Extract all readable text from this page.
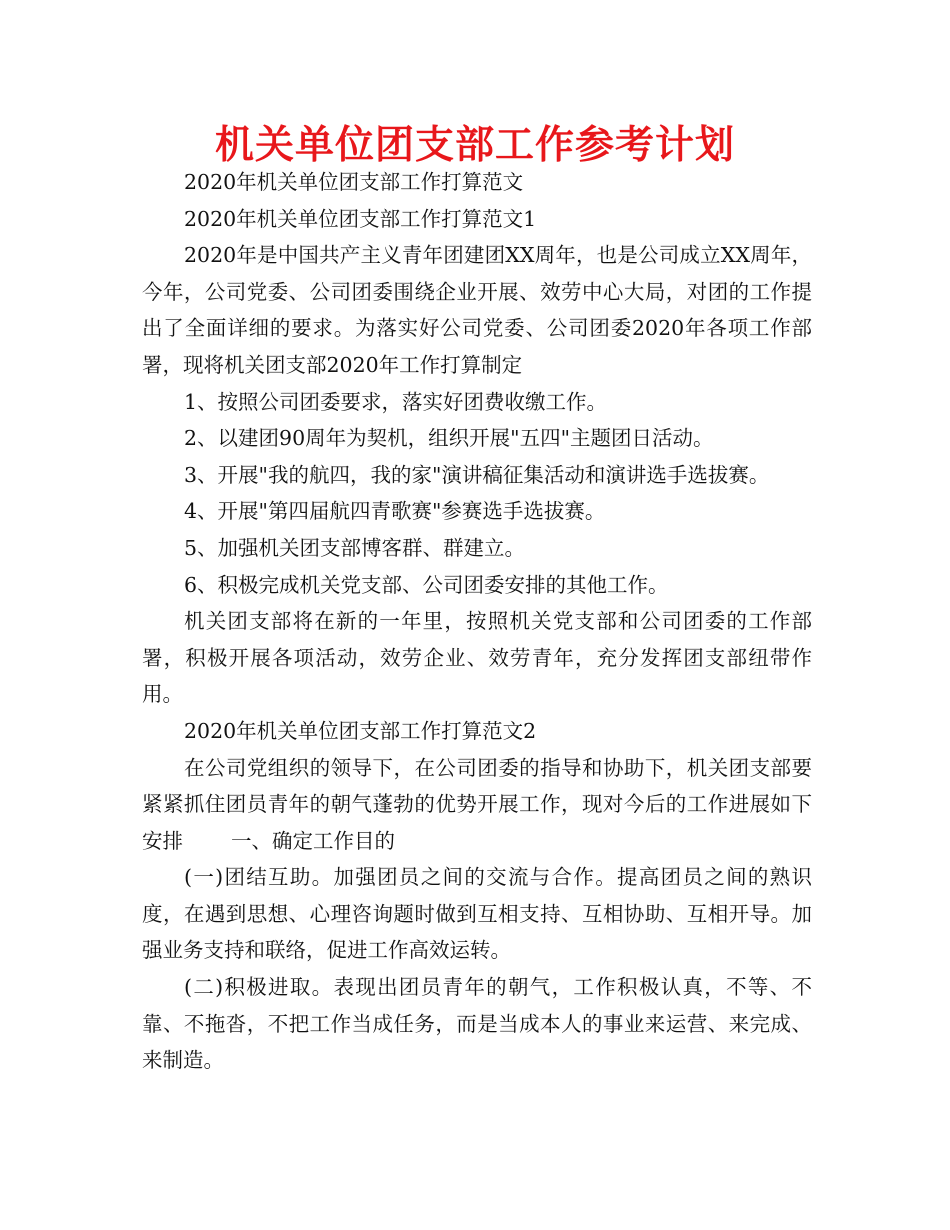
机关单位团支部工作参考计划

2020年机关单位团支部工作打算范文

2020年机关单位团支部工作打算范文1

2020年是中国共产主义青年团建团XX周年，也是公司成立XX周年，今年，公司党委、公司团委围绕企业开展、效劳中心大局，对团的工作提出了全面详细的要求。为落实好公司党委、公司团委2020年各项工作部署，现将机关团支部2020年工作打算制定

1、按照公司团委要求，落实好团费收缴工作。

2、以建团90周年为契机，组织开展"五四"主题团日活动。

3、开展"我的航四，我的家"演讲稿征集活动和演讲选手选拔赛。

4、开展"第四届航四青歌赛"参赛选手选拔赛。

5、加强机关团支部博客群、群建立。

6、积极完成机关党支部、公司团委安排的其他工作。

机关团支部将在新的一年里，按照机关党支部和公司团委的工作部署，积极开展各项活动，效劳企业、效劳青年，充分发挥团支部纽带作用。

2020年机关单位团支部工作打算范文2

在公司党组织的领导下，在公司团委的指导和协助下，机关团支部要紧紧抓住团员青年的朝气蓬勃的优势开展工作，现对今后的工作进展如下安排 一、确定工作目的

(一)团结互助。加强团员之间的交流与合作。提高团员之间的熟识度，在遇到思想、心理咨询题时做到互相支持、互相协助、互相开导。加强业务支持和联络，促进工作高效运转。

(二)积极进取。表现出团员青年的朝气，工作积极认真，不等、不靠、不拖沓，不把工作当成任务，而是当成本人的事业来运营、来完成、来制造。
